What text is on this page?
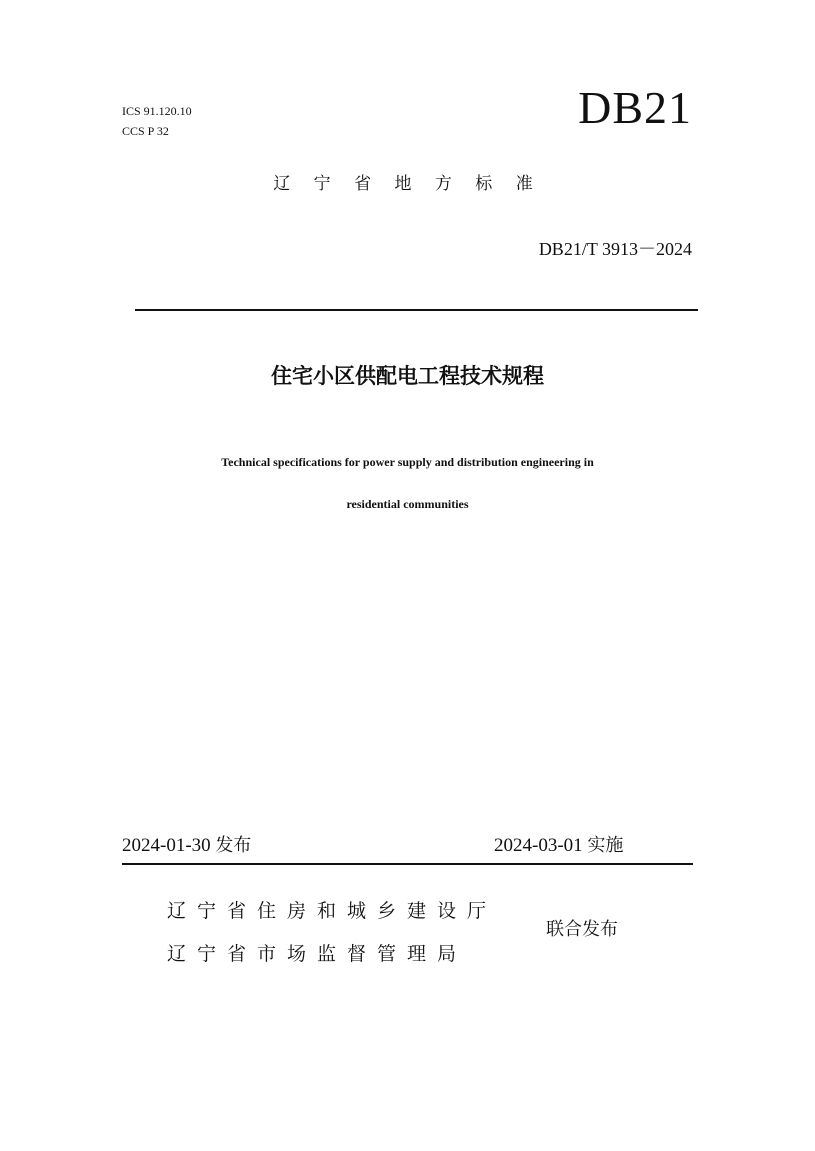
ICS 91.120.10
CCS P 32	DB21
辽 宁 省 地 方 标 准
DB21/T 3913－2024
住宅小区供配电工程技术规程
Technical specifications for power supply and distribution engineering in
residential communities
2024-01-30 发布	2024-03-01 实施
辽宁省住房和城乡建设厅
辽宁省市场监督管理局
联合发布
